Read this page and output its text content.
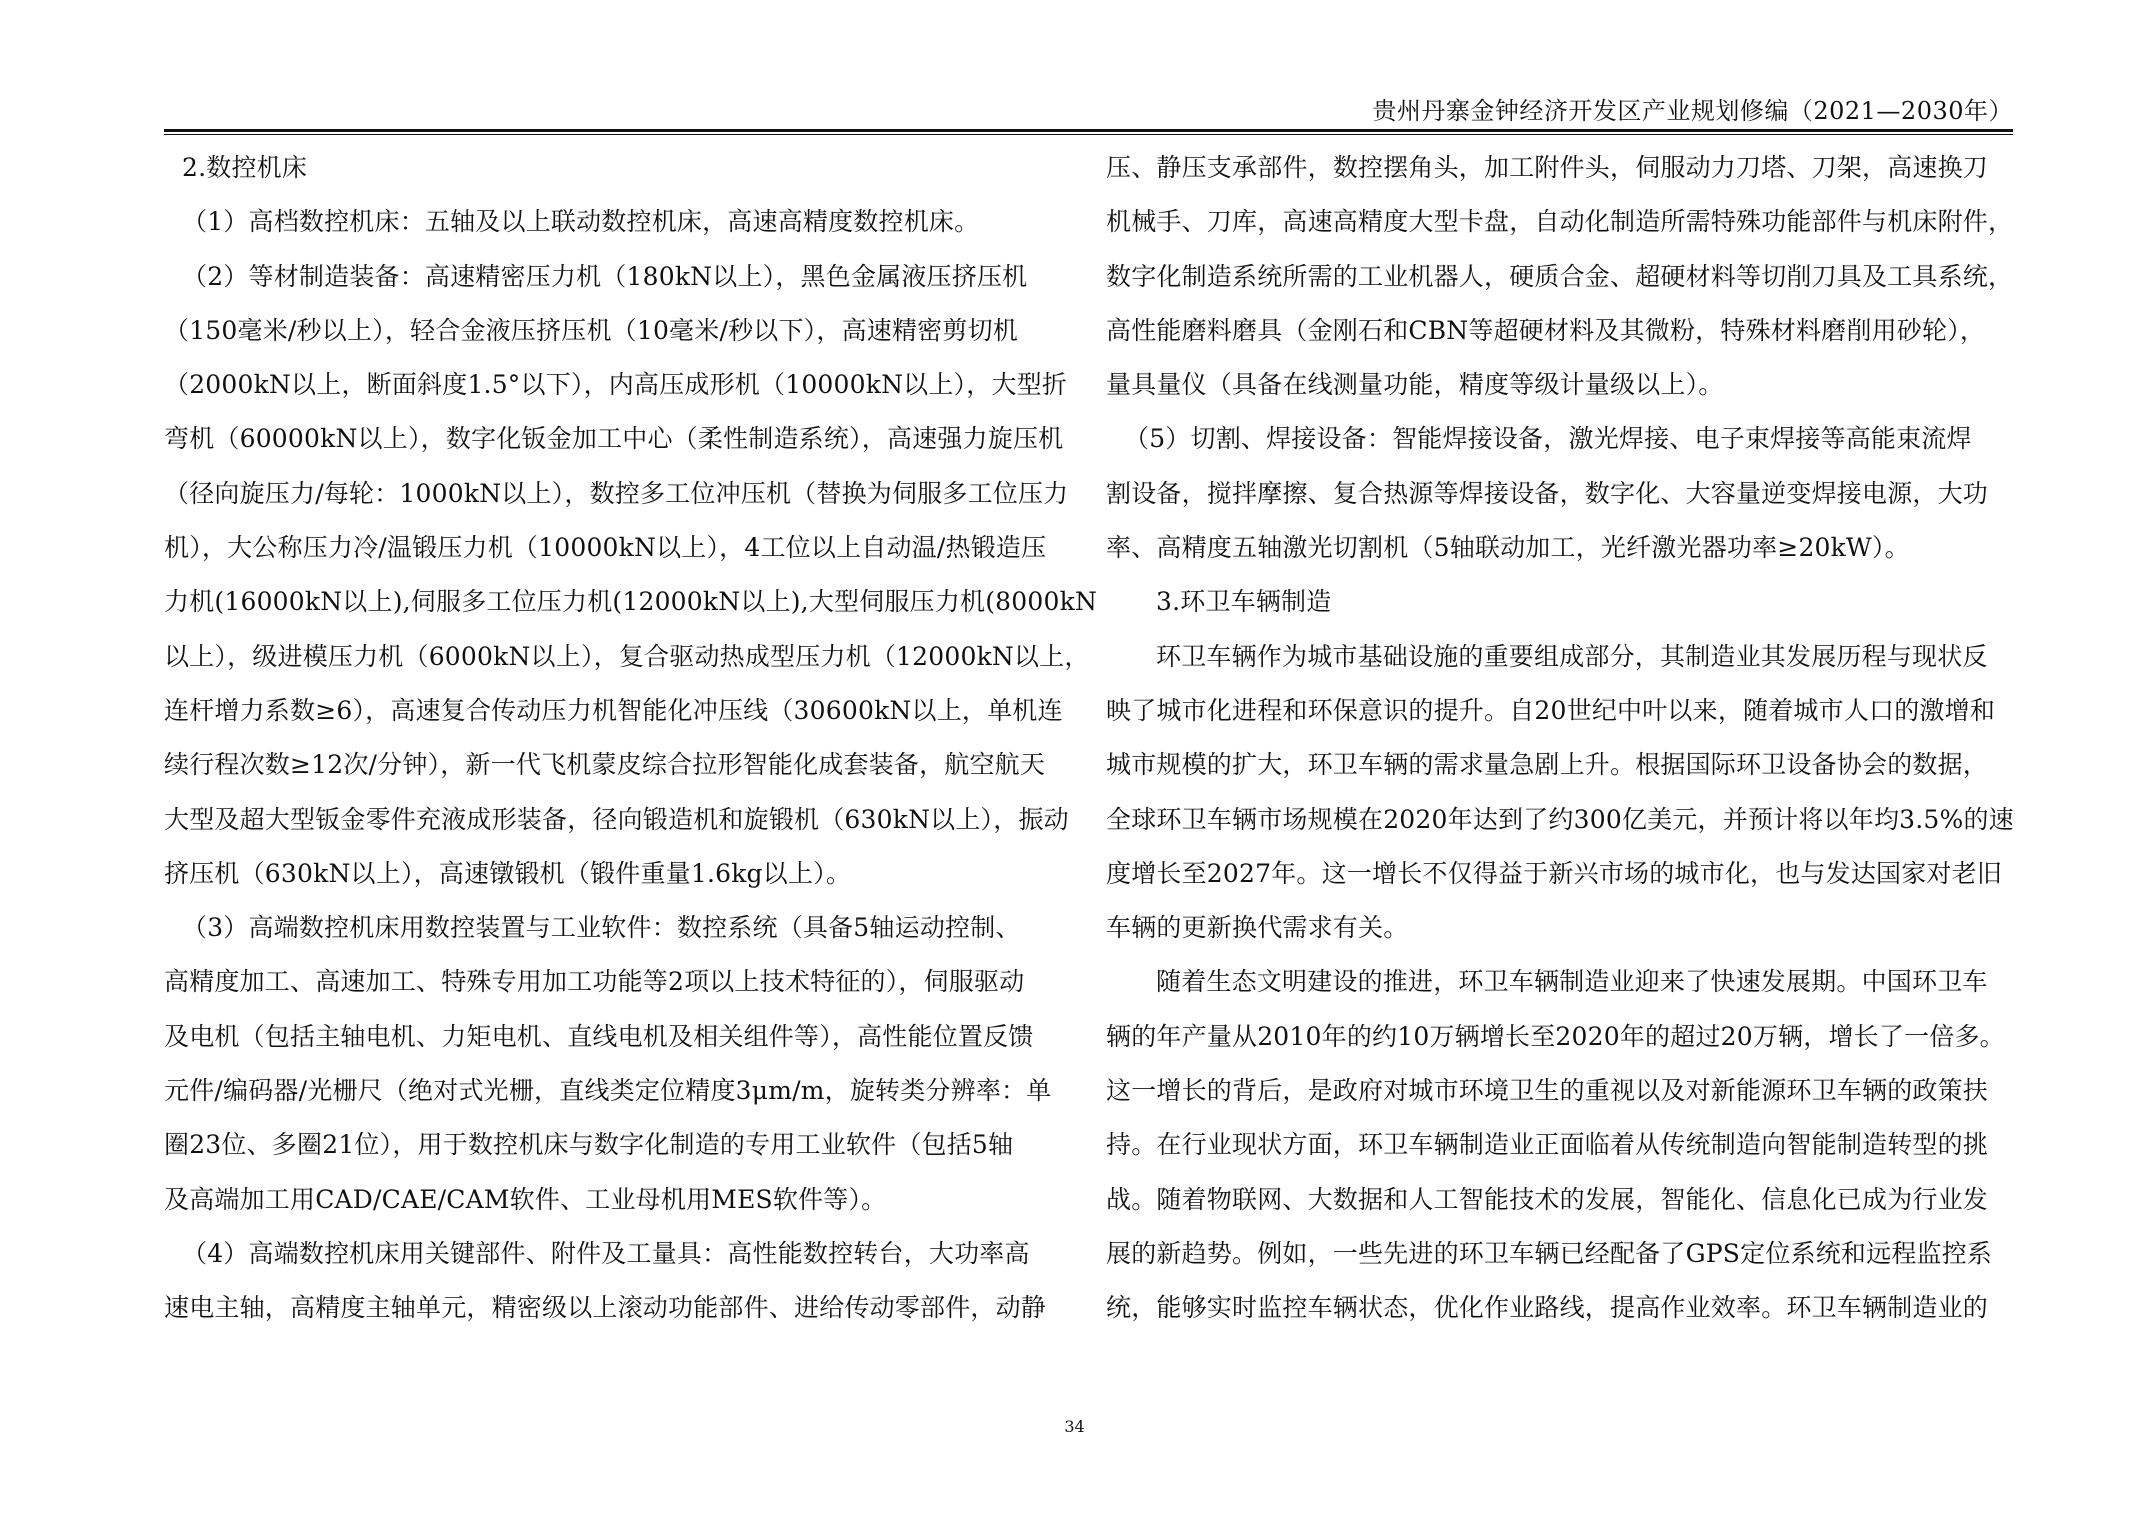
贵州丹寨金钟经济开发区产业规划修编（2021—2030年）
2.数控机床
（1）高档数控机床：五轴及以上联动数控机床，高速高精度数控机床。
（2）等材制造装备：高速精密压力机（180kN以上），黑色金属液压挤压机
（150毫米/秒以上），轻合金液压挤压机（10毫米/秒以下），高速精密剪切机
（2000kN以上，断面斜度1.5°以下），内高压成形机（10000kN以上），大型折
弯机（60000kN以上），数字化钣金加工中心（柔性制造系统），高速强力旋压机
（径向旋压力/每轮：1000kN以上），数控多工位冲压机（替换为伺服多工位压力
机），大公称压力冷/温锻压力机（10000kN以上），4工位以上自动温/热锻造压
力机(16000kN以上),伺服多工位压力机(12000kN以上),大型伺服压力机(8000kN
以上），级进模压力机（6000kN以上），复合驱动热成型压力机（12000kN以上，
连杆增力系数≥6），高速复合传动压力机智能化冲压线（30600kN以上，单机连
续行程次数≥12次/分钟），新一代飞机蒙皮综合拉形智能化成套装备，航空航天
大型及超大型钣金零件充液成形装备，径向锻造机和旋锻机（630kN以上），振动
挤压机（630kN以上），高速镦锻机（锻件重量1.6kg以上）。
（3）高端数控机床用数控装置与工业软件：数控系统（具备5轴运动控制、
高精度加工、高速加工、特殊专用加工功能等2项以上技术特征的），伺服驱动
及电机（包括主轴电机、力矩电机、直线电机及相关组件等），高性能位置反馈
元件/编码器/光栅尺（绝对式光栅，直线类定位精度3μm/m，旋转类分辨率：单
圈23位、多圈21位），用于数控机床与数字化制造的专用工业软件（包括5轴
及高端加工用CAD/CAE/CAM软件、工业母机用MES软件等）。
（4）高端数控机床用关键部件、附件及工量具：高性能数控转台，大功率高
速电主轴，高精度主轴单元，精密级以上滚动功能部件、进给传动零部件，动静
压、静压支承部件，数控摆角头，加工附件头，伺服动力刀塔、刀架，高速换刀
机械手、刀库，高速高精度大型卡盘，自动化制造所需特殊功能部件与机床附件，
数字化制造系统所需的工业机器人，硬质合金、超硬材料等切削刀具及工具系统，
高性能磨料磨具（金刚石和CBN等超硬材料及其微粉，特殊材料磨削用砂轮），
量具量仪（具备在线测量功能，精度等级计量级以上）。
（5）切割、焊接设备：智能焊接设备，激光焊接、电子束焊接等高能束流焊
割设备，搅拌摩擦、复合热源等焊接设备，数字化、大容量逆变焊接电源，大功
率、高精度五轴激光切割机（5轴联动加工，光纤激光器功率≥20kW）。
3.环卫车辆制造
环卫车辆作为城市基础设施的重要组成部分，其制造业其发展历程与现状反
映了城市化进程和环保意识的提升。自20世纪中叶以来，随着城市人口的激增和
城市规模的扩大，环卫车辆的需求量急剧上升。根据国际环卫设备协会的数据，
全球环卫车辆市场规模在2020年达到了约300亿美元，并预计将以年均3.5%的速
度增长至2027年。这一增长不仅得益于新兴市场的城市化，也与发达国家对老旧
车辆的更新换代需求有关。
随着生态文明建设的推进，环卫车辆制造业迎来了快速发展期。中国环卫车
辆的年产量从2010年的约10万辆增长至2020年的超过20万辆，增长了一倍多。
这一增长的背后，是政府对城市环境卫生的重视以及对新能源环卫车辆的政策扶
持。在行业现状方面，环卫车辆制造业正面临着从传统制造向智能制造转型的挑
战。随着物联网、大数据和人工智能技术的发展，智能化、信息化已成为行业发
展的新趋势。例如，一些先进的环卫车辆已经配备了GPS定位系统和远程监控系
统，能够实时监控车辆状态，优化作业路线，提高作业效率。环卫车辆制造业的
34
